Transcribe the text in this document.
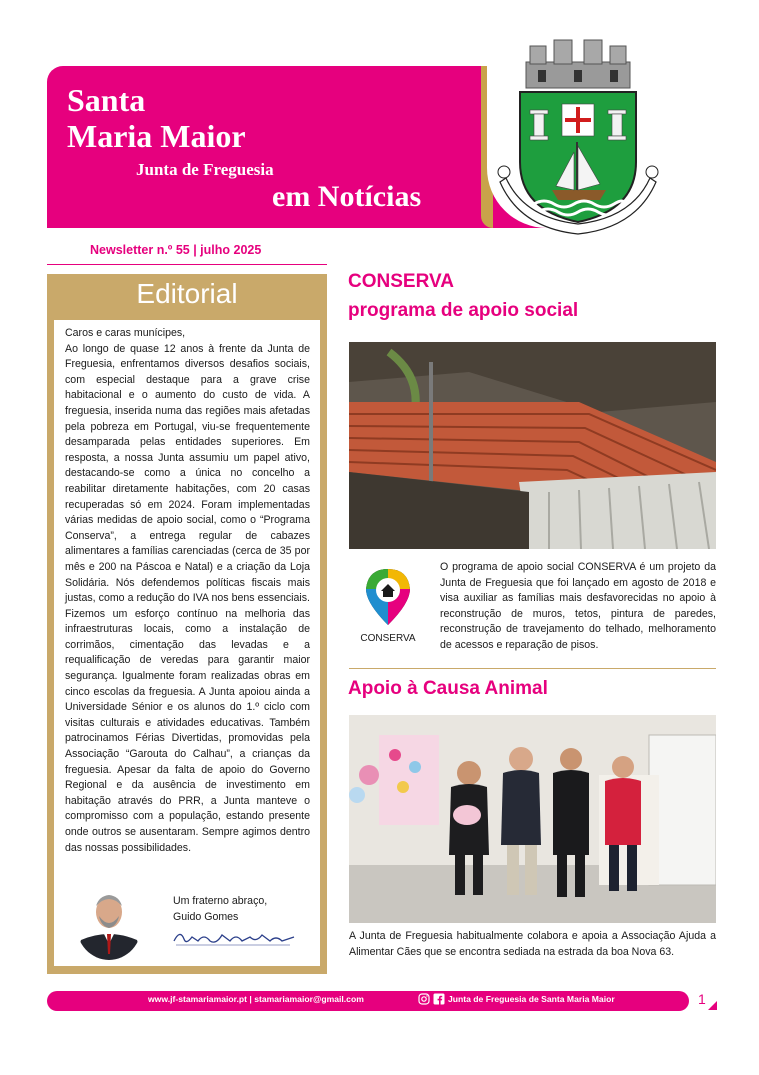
Santa
Maria Maior
Junta de Freguesia
em Notícias
Newsletter n.º 55 | julho 2025
Editorial

Caros e caras munícipes,

Ao longo de quase 12 anos à frente da Junta de Freguesia, enfrentamos diversos desafios sociais, com especial destaque para a grave crise habitacional e o aumento do custo de vida. A freguesia, inserida numa das regiões mais afetadas pela pobreza em Portugal, viu-se frequentemente desamparada pelas entidades superiores. Em resposta, a nossa Junta assumiu um papel ativo, destacando-se como a única no concelho a reabilitar diretamente habitações, com 20 casas recuperadas só em 2024. Foram implementadas várias medidas de apoio social, como o “Programa Conserva”, a entrega regular de cabazes alimentares a famílias carenciadas (cerca de 35 por mês e 200 na Páscoa e Natal) e a criação da Loja Solidária. Nós defendemos políticas fiscais mais justas, como a redução do IVA nos bens essenciais. Fizemos um esforço contínuo na melhoria das infraestruturas locais, como a instalação de corrimãos, cimentação das levadas e a requalificação de veredas para garantir maior segurança. Igualmente foram realizadas obras em cinco escolas da freguesia. A Junta apoiou ainda a Universidade Sénior e os alunos do 1.º ciclo com visitas culturais e atividades educativas. Também patrocinamos Férias Divertidas, promovidas pela Associação “Garouta do Calhau”, a crianças da freguesia. Apesar da falta de apoio do Governo Regional e da ausência de investimento em habitação através do PRR, a Junta manteve o compromisso com a população, estando presente onde outros se ausentaram. Sempre agimos dentro das nossas possibilidades.

Um fraterno abraço,
Guido Gomes
CONSERVA
programa de apoio social
CONSERVA
O programa de apoio social CONSERVA é um projeto da Junta de Freguesia que foi lançado em agosto de 2018 e visa auxiliar as famílias mais desfavorecidas no apoio à reconstrução de muros, tetos, pintura de paredes, reconstrução de travejamento do telhado, melhoramento de acessos e reparação de pisos.
Apoio à Causa Animal
A Junta de Freguesia habitualmente colabora e apoia a Associação Ajuda a Alimentar Cães que se encontra sediada na estrada da boa Nova 63.
www.jf-stamariamaior.pt | stamariamaior@gmail.com	Junta de Freguesia de Santa Maria Maior	1
